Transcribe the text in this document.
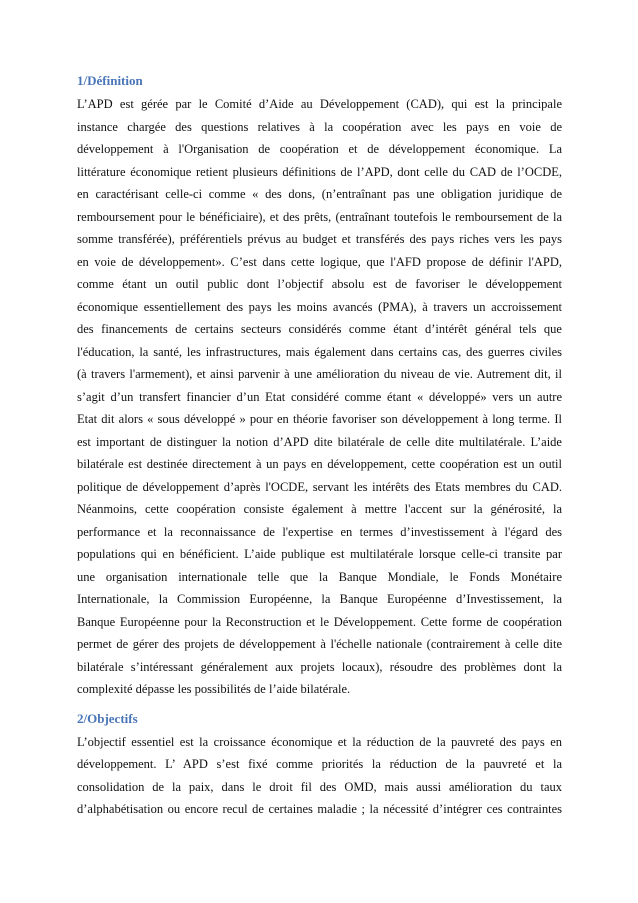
1/Définition

L’APD est gérée par le Comité d’Aide au Développement (CAD), qui est la principale
instance chargée des questions relatives à la coopération avec les pays en voie de
développement à l'Organisation de coopération et de développement économique. La
littérature économique retient plusieurs définitions de l’APD, dont celle du CAD de l’OCDE,
en caractérisant celle-ci comme « des dons, (n’entraînant pas une obligation juridique de
remboursement pour le bénéficiaire), et des prêts, (entraînant toutefois le remboursement de la
somme transférée), préférentiels prévus au budget et transférés des pays riches vers les pays
en voie de développement». C’est dans cette logique, que l'AFD propose de définir l'APD,
comme étant un outil public dont l’objectif absolu est de favoriser le développement
économique essentiellement des pays les moins avancés (PMA), à travers un accroissement
des financements de certains secteurs considérés comme étant d’intérêt général tels que
l'éducation, la santé, les infrastructures, mais également dans certains cas, des guerres civiles
(à travers l'armement), et ainsi parvenir à une amélioration du niveau de vie. Autrement dit, il
s’agit d’un transfert financier d’un Etat considéré comme étant « développé» vers un autre
Etat dit alors « sous développé » pour en théorie favoriser son développement à long terme. Il
est important de distinguer la notion d’APD dite bilatérale de celle dite multilatérale. L’aide
bilatérale est destinée directement à un pays en développement, cette coopération est un outil
politique de développement d’après l'OCDE, servant les intérêts des Etats membres du CAD.
Néanmoins, cette coopération consiste également à mettre l'accent sur la générosité, la
performance et la reconnaissance de l'expertise en termes d’investissement à l'égard des
populations qui en bénéficient. L’aide publique est multilatérale lorsque celle-ci transite par
une organisation internationale telle que la Banque Mondiale, le Fonds Monétaire
Internationale, la Commission Européenne, la Banque Européenne d’Investissement, la
Banque Européenne pour la Reconstruction et le Développement. Cette forme de coopération
permet de gérer des projets de développement à l'échelle nationale (contrairement à celle dite
bilatérale s’intéressant généralement aux projets locaux), résoudre des problèmes dont la
complexité dépasse les possibilités de l’aide bilatérale.

2/Objectifs

L’objectif essentiel est la croissance économique et la réduction de la pauvreté des pays en
développement. L’ APD s’est fixé comme priorités la réduction de la pauvreté et la
consolidation de la paix, dans le droit fil des OMD, mais aussi amélioration du taux
d’alphabétisation ou encore recul de certaines maladie ; la nécessité d’intégrer ces contraintes
